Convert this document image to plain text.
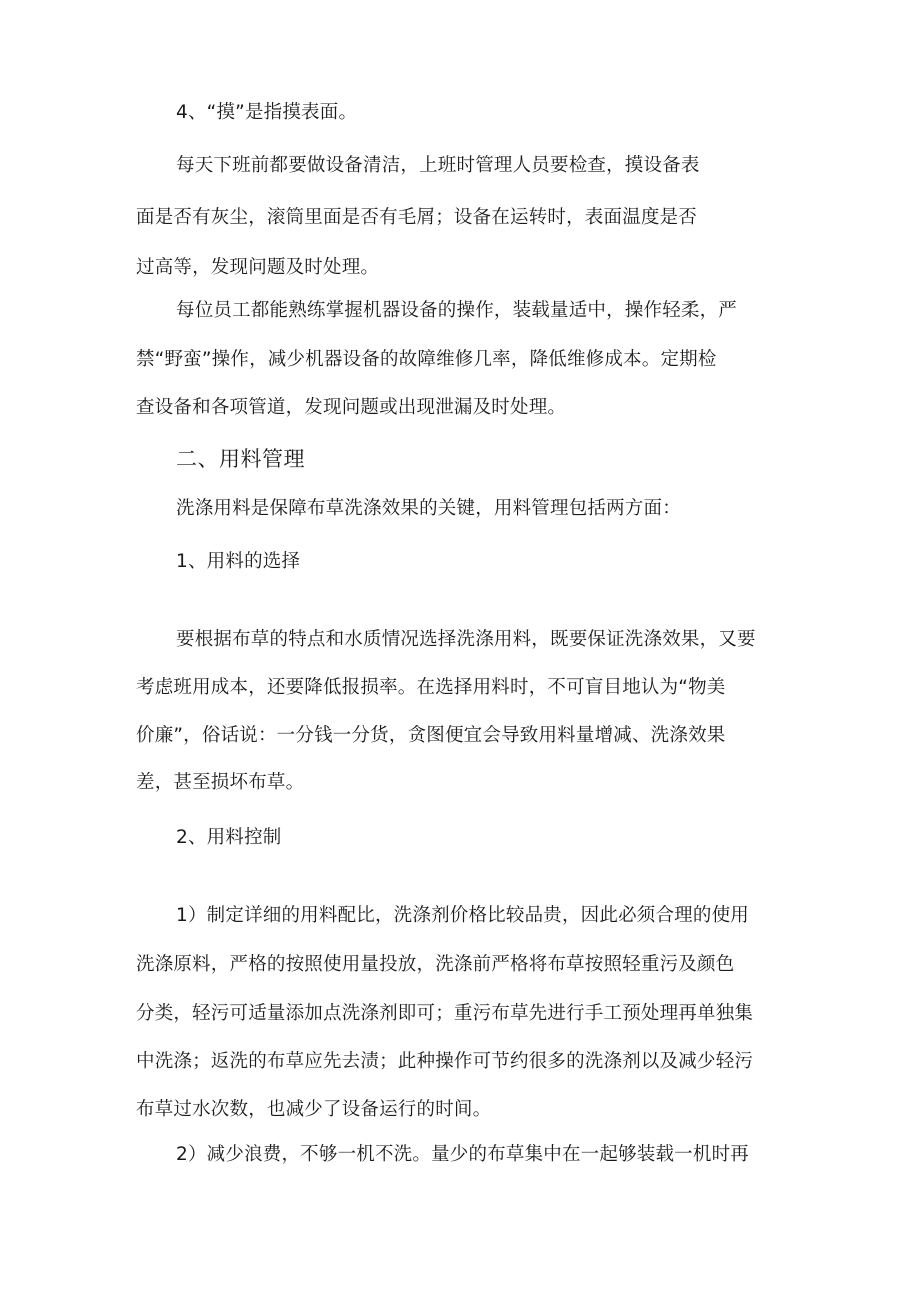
4、“摸”是指摸表面。

每天下班前都要做设备清洁，上班时管理人员要检查，摸设备表

面是否有灰尘，滚筒里面是否有毛屑；设备在运转时，表面温度是否

过高等，发现问题及时处理。

每位员工都能熟练掌握机器设备的操作，装载量适中，操作轻柔，严

禁“野蛮”操作，减少机器设备的故障维修几率，降低维修成本。定期检

查设备和各项管道，发现问题或出现泄漏及时处理。

二、用料管理

洗涤用料是保障布草洗涤效果的关键，用料管理包括两方面：

1、用料的选择

要根据布草的特点和水质情况选择洗涤用料，既要保证洗涤效果，又要

考虑班用成本，还要降低报损率。在选择用料时，不可盲目地认为“物美

价廉”，俗话说：一分钱一分货，贪图便宜会导致用料量增减、洗涤效果

差，甚至损坏布草。

2、用料控制

1）制定详细的用料配比，洗涤剂价格比较品贵，因此必须合理的使用

洗涤原料，严格的按照使用量投放，洗涤前严格将布草按照轻重污及颜色

分类，轻污可适量添加点洗涤剂即可；重污布草先进行手工预处理再单独集

中洗涤；返洗的布草应先去渍；此种操作可节约很多的洗涤剂以及减少轻污

布草过水次数，也减少了设备运行的时间。

2）减少浪费，不够一机不洗。量少的布草集中在一起够装载一机时再
